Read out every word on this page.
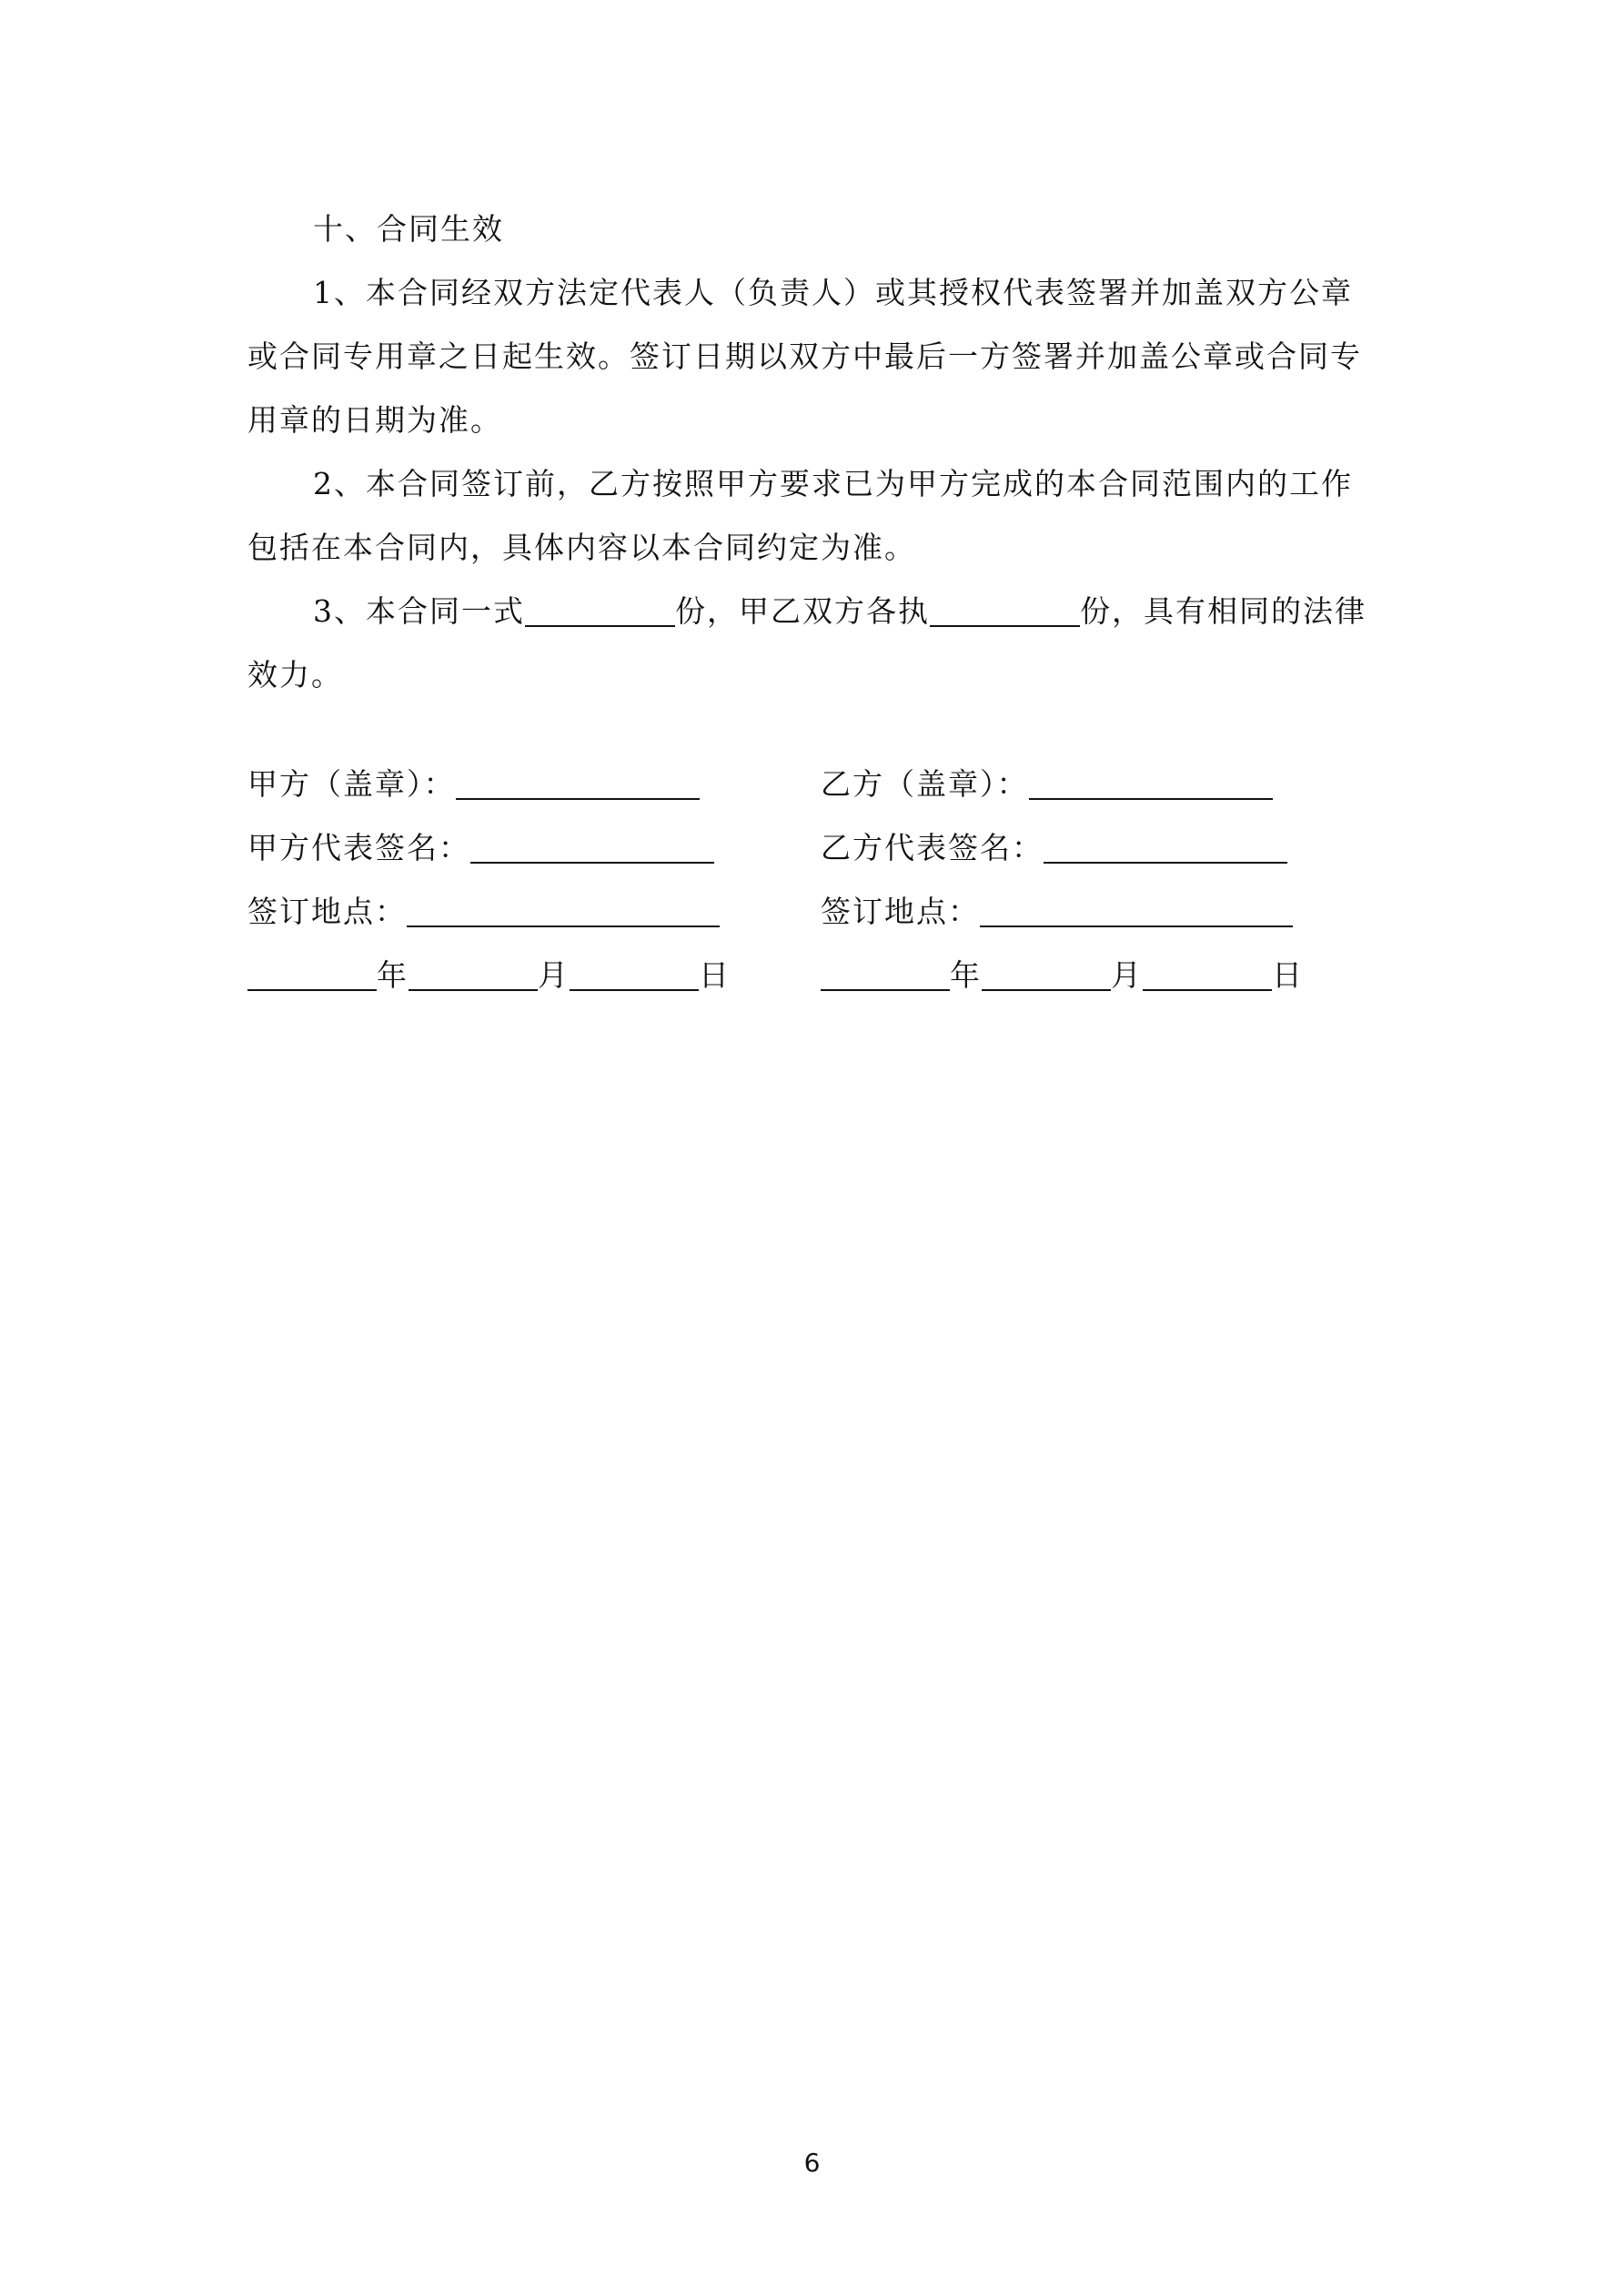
十、合同生效
1、本合同经双方法定代表人（负责人）或其授权代表签署并加盖双方公章
或合同专用章之日起生效。签订日期以双方中最后一方签署并加盖公章或合同专
用章的日期为准。
2、本合同签订前，乙方按照甲方要求已为甲方完成的本合同范围内的工作
包括在本合同内，具体内容以本合同约定为准。
3、本合同一式	份，甲乙双方各执	份，具有相同的法律
效力。
甲方（盖章）：
甲方代表签名：
签订地点：
年	月	日
乙方（盖章）：
乙方代表签名：
签订地点：
年	月	日
6
